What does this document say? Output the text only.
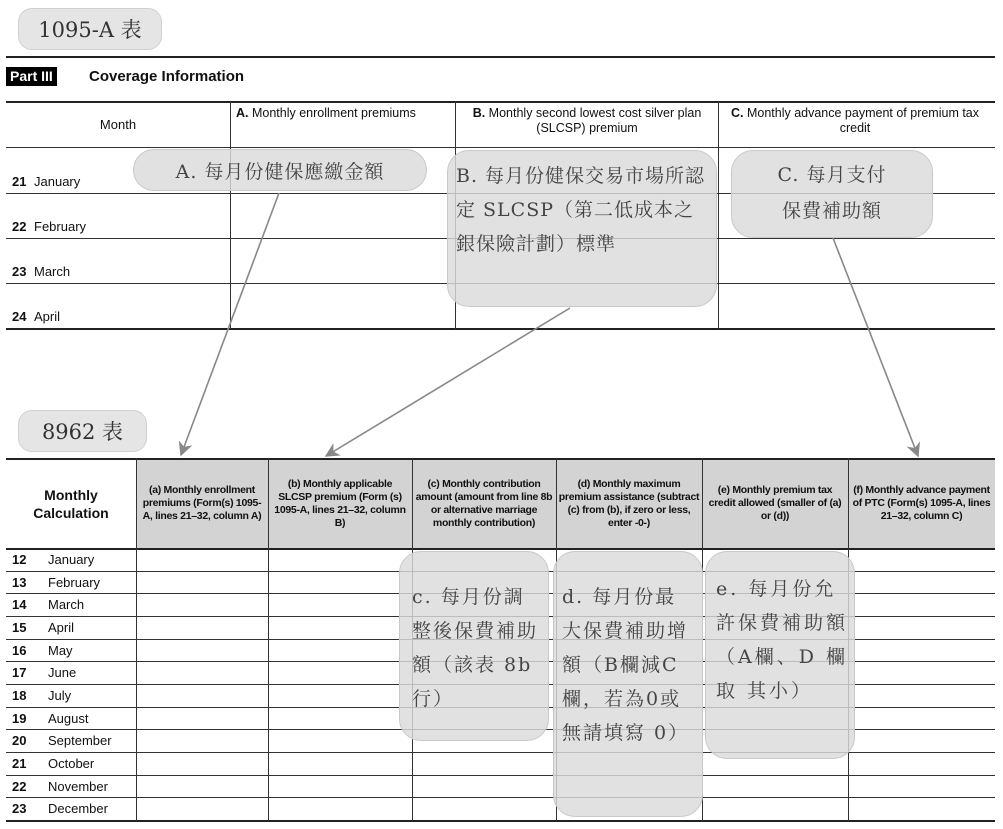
1095-A 表
Part III Coverage Information
Month
A. Monthly enrollment premiums	B. Monthly second lowest cost silver plan (SLCSP) premium
C. Monthly advance payment of premium tax credit
21 January
22 February
23 March
24 April
8962 表
(a) Monthly enrollment premiums (Form(s) 1095-A, lines 21–32, column A)
(b) Monthly applicable SLCSP premium (Form (s) 1095-A, lines 21–32, column B)
(c) Monthly contribution amount (amount from line 8b or alternative marriage monthly contribution)
(d) Monthly maximum premium assistance (subtract (c) from (b), if zero or less, enter -0-)
(e) Monthly premium tax credit allowed (smaller of (a) or (d))
(f) Monthly advance payment of PTC (Form(s) 1095-A, lines 21–32, column C)
Monthly Calculation
12 January
13 February
14 March
15 April
16 May
17 June
18 July
19 August
20 September
21 October
22 November
23 December
A. 每月份健保應繳金額	B. 每月份健保交易市場所認定 SLCSP（第二低成本之銀保險計劃）標準
C. 每月支付
保費補助額
c. 每月份調整後保費補助額（該表 8b行）
d. 每月份最大保費補助增額（B欄減C欄，若為0或無請填寫 0）
e. 每月份允許保費補助額（A欄、D 欄 取 其小）
